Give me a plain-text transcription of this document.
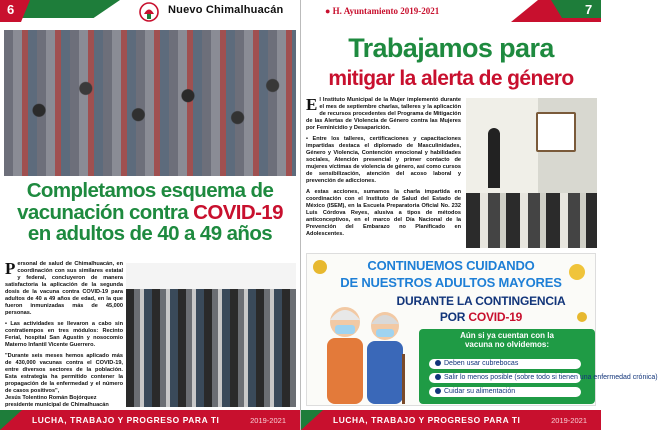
6	Nuevo Chimalhuacán
Completamos esquema de
vacunación contra COVID-19
en adultos de 40 a 49 años

Personal de salud de Chimalhuacán, en coordinación con sus similares estatal y federal, concluyeron de manera satisfactoria la aplicación de la segunda dosis de la vacuna contra COVID-19 para adultos de 40 a 49 años de edad, en la que fueron inmunizadas más de 45,000 personas.

• Las actividades se llevaron a cabo sin contratiempos en tres módulos: Recinto Ferial, hospital San Agustín y nosocomio Materno Infantil Vicente Guerrero.

"Durante seis meses hemos aplicado más de 430,000 vacunas contra el COVID-19, entre diversos sectores de la población. Esta estrategia ha permitido contener la propagación de la enfermedad y el número de casos positivos",
Jesús Tolentino Román Bojórquez
presidente municipal de Chimalhuacán

LUCHA, TRABAJO Y PROGRESO PARA TI	2019-2021
7
● H. Ayuntamiento 2019-2021
Trabajamos para
mitigar la alerta de género

El Instituto Municipal de la Mujer implementó durante el mes de septiembre charlas, talleres y la aplicación de recursos procedentes del Programa de Mitigación de las Alertas de Violencia de Género contra las Mujeres por Feminicidio y Desaparición.

• Entre los talleres, certificaciones y capacitaciones impartidas destaca el diplomado de Masculinidades, Género y Violencia, Contención emocional y habilidades sociales, Atención presencial y primer contacto de mujeres víctimas de violencia de género, así como cursos de sensibilización, atención del acoso laboral y prevención de adicciones.

A estas acciones, sumamos la charla impartida en coordinación con el Instituto de Salud del Estado de México (ISEM), en la Escuela Preparatoria Oficial No. 232 Luis Córdova Reyes, alusiva a tipos de métodos anticonceptivos, en el marco del Día Nacional de la Prevención del Embarazo no Planificado en Adolescentes.

CONTINUEMOS CUIDANDO
DE NUESTROS ADULTOS MAYORES
DURANTE LA CONTINGENCIA
POR COVID-19
Aún si ya cuentan con la
vacuna no olvidemos:
Deben usar cubrebocas
Salir lo menos posible (sobre todo si tienen una enfermedad crónica)
Cuidar su alimentación
LUCHA, TRABAJO Y PROGRESO PARA TI	2019-2021
